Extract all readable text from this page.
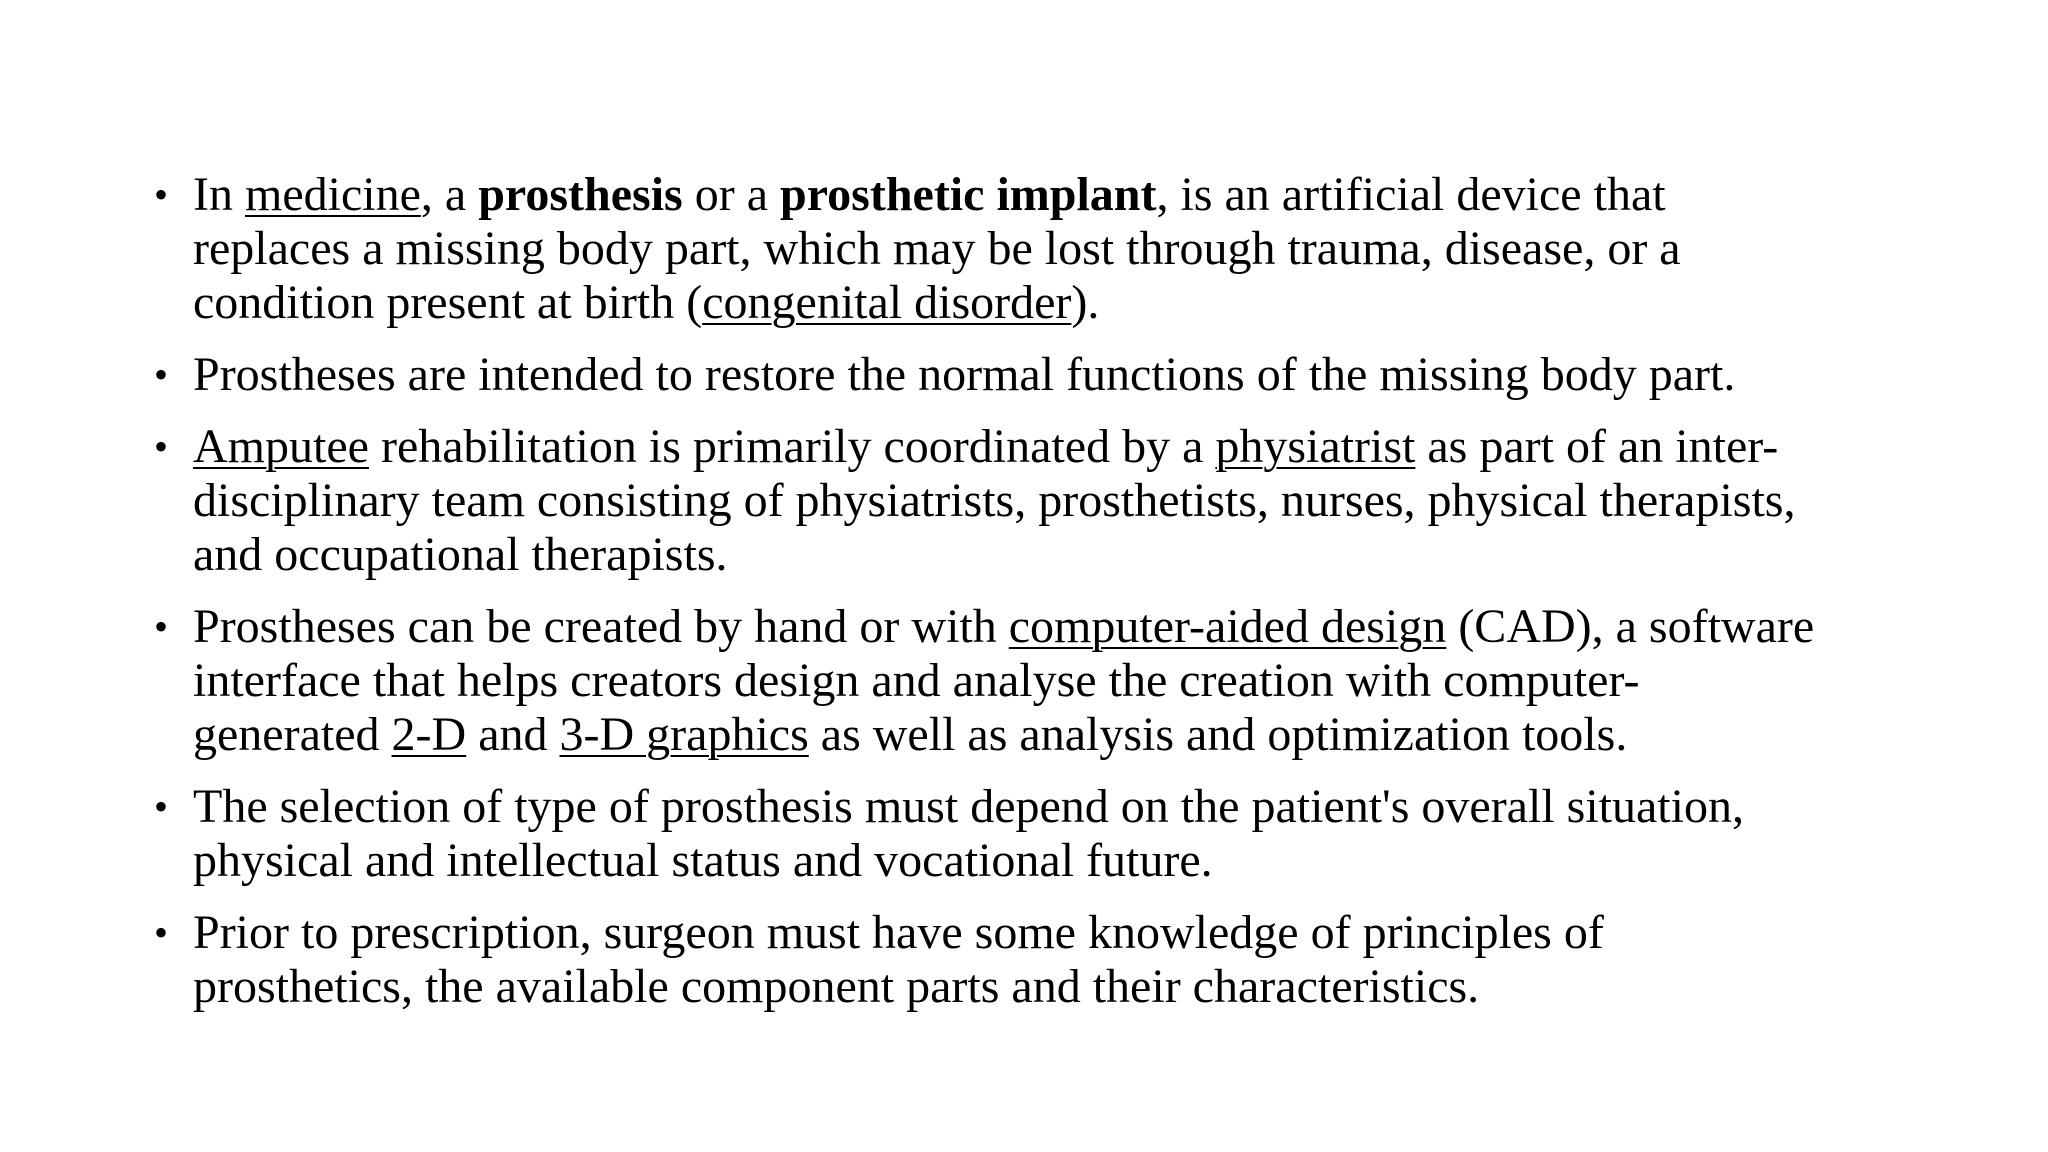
• In medicine, a prosthesis or a prosthetic implant, is an artificial device that
replaces a missing body part, which may be lost through trauma, disease, or a
condition present at birth (congenital disorder).
• Prostheses are intended to restore the normal functions of the missing body part.
• Amputee rehabilitation is primarily coordinated by a physiatrist as part of an inter-
disciplinary team consisting of physiatrists, prosthetists, nurses, physical therapists,
and occupational therapists.
• Prostheses can be created by hand or with computer-aided design (CAD), a software
interface that helps creators design and analyse the creation with computer-
generated 2-D and 3-D graphics as well as analysis and optimization tools.
• The selection of type of prosthesis must depend on the patient's overall situation,
physical and intellectual status and vocational future.
• Prior to prescription, surgeon must have some knowledge of principles of
prosthetics, the available component parts and their characteristics.
